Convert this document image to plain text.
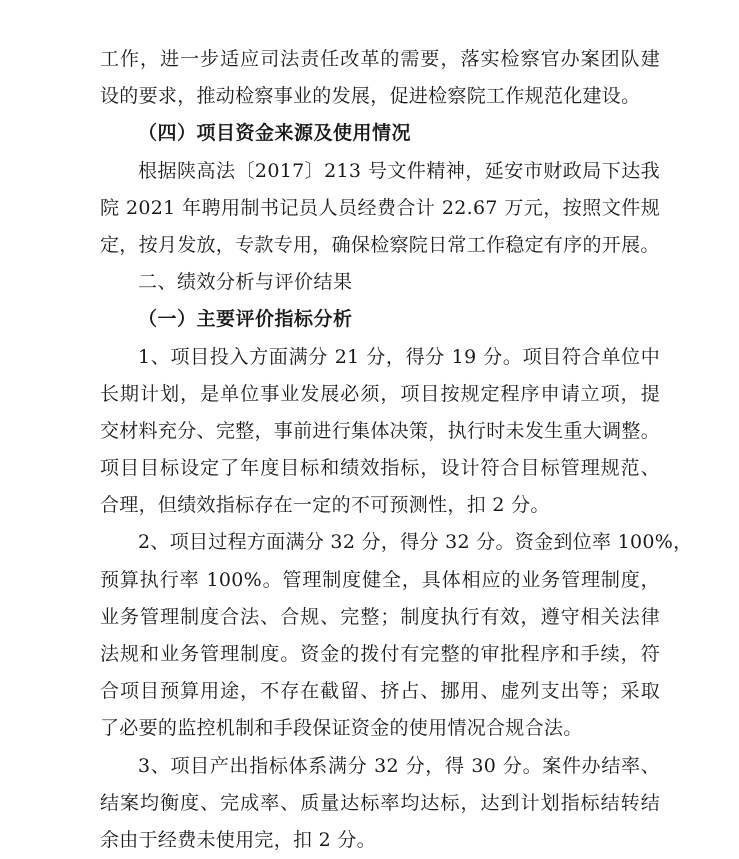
工作，进一步适应司法责任改革的需要，落实检察官办案团队建
设的要求，推动检察事业的发展，促进检察院工作规范化建设。
（四）项目资金来源及使用情况
根据陕高法〔2017〕213 号文件精神，延安市财政局下达我
院 2021 年聘用制书记员人员经费合计 22.67 万元，按照文件规
定，按月发放，专款专用，确保检察院日常工作稳定有序的开展。
二、绩效分析与评价结果
（一）主要评价指标分析
1、项目投入方面满分 21 分，得分 19 分。项目符合单位中
长期计划，是单位事业发展必须，项目按规定程序申请立项，提
交材料充分、完整，事前进行集体决策，执行时未发生重大调整。
项目目标设定了年度目标和绩效指标，设计符合目标管理规范、
合理，但绩效指标存在一定的不可预测性，扣 2 分。
2、项目过程方面满分 32 分，得分 32 分。资金到位率 100%，
预算执行率 100%。管理制度健全，具体相应的业务管理制度，
业务管理制度合法、合规、完整；制度执行有效，遵守相关法律
法规和业务管理制度。资金的拨付有完整的审批程序和手续，符
合项目预算用途，不存在截留、挤占、挪用、虚列支出等；采取
了必要的监控机制和手段保证资金的使用情况合规合法。
3、项目产出指标体系满分 32 分，得 30 分。案件办结率、
结案均衡度、完成率、质量达标率均达标，达到计划指标结转结
余由于经费未使用完，扣 2 分。
